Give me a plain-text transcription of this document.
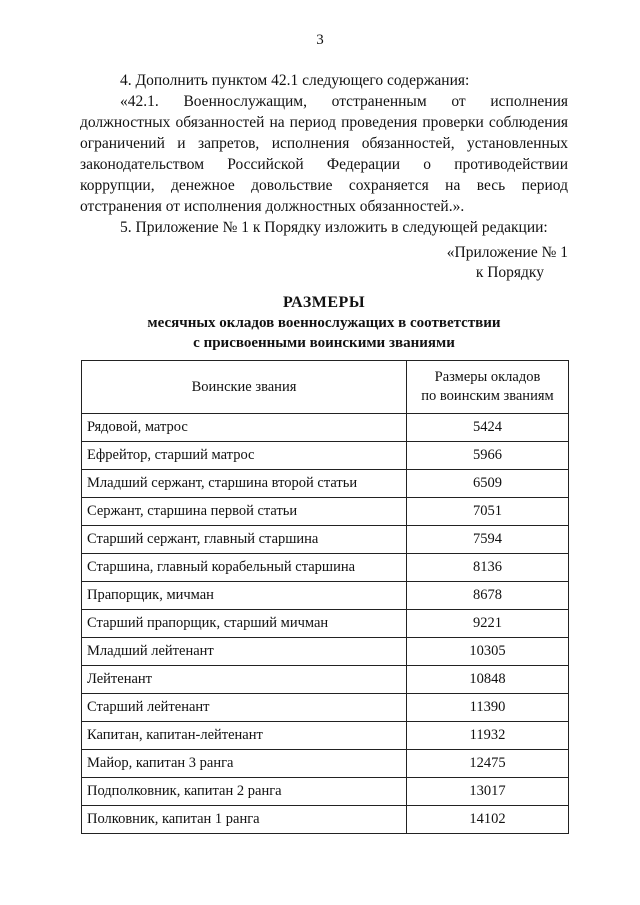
3

4. Дополнить пунктом 42.1 следующего содержания:

«42.1. Военнослужащим, отстраненным от исполнения должностных обязанностей на период проведения проверки соблюдения ограничений и запретов, исполнения обязанностей, установленных законодательством Российской Федерации о противодействии коррупции, денежное довольствие сохраняется на весь период отстранения от исполнения должностных обязанностей.».

5. Приложение № 1 к Порядку изложить в следующей редакции:

«Приложение № 1
к Порядку
РАЗМЕРЫ
месячных окладов военнослужащих в соответствии
с присвоенными воинскими званиями
Воинские звания	Размеры окладов
по воинским званиям

Рядовой, матрос	5424
Ефрейтор, старший матрос	5966
Младший сержант, старшина второй статьи	6509
Сержант, старшина первой статьи	7051
Старший сержант, главный старшина	7594
Старшина, главный корабельный старшина	8136
Прапорщик, мичман	8678
Старший прапорщик, старший мичман	9221
Младший лейтенант	10305
Лейтенант	10848
Старший лейтенант	11390
Капитан, капитан-лейтенант	11932
Майор, капитан 3 ранга	12475
Подполковник, капитан 2 ранга	13017
Полковник, капитан 1 ранга	14102
